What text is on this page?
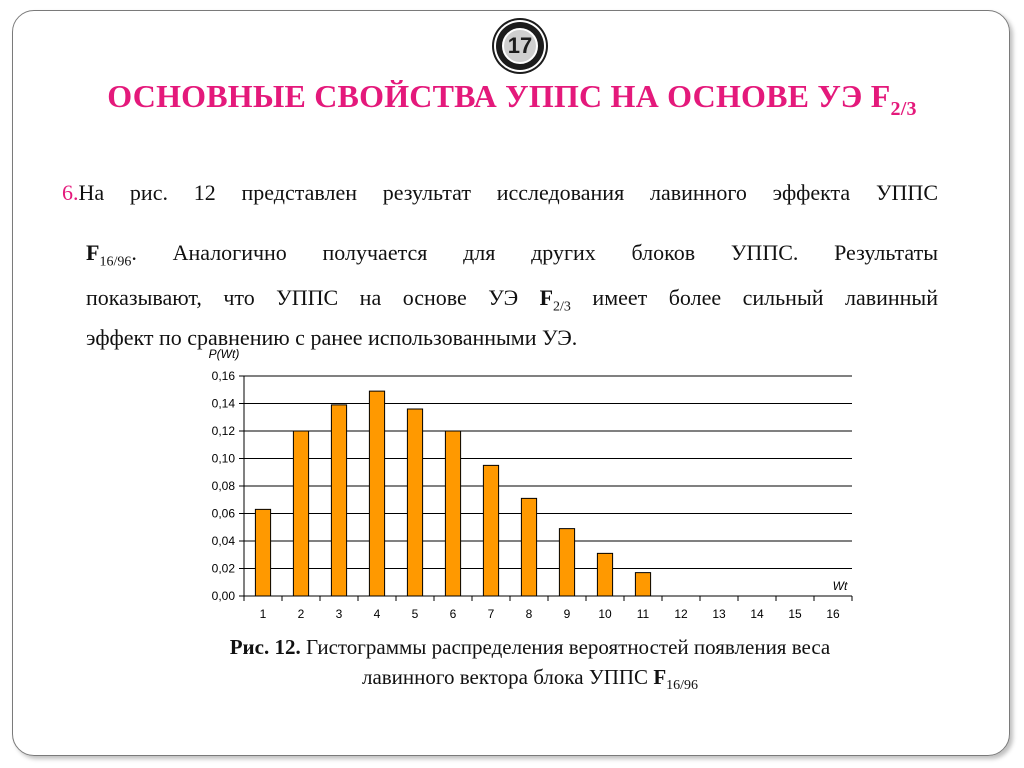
17
ОСНОВНЫЕ СВОЙСТВА УППС НА ОСНОВЕ УЭ $F_{2/3}$
6.На рис. 12 представлен результат исследования лавинного эффекта УППС
$F_{16/96}$. Аналогично получается для других блоков УППС. Результаты
показывают, что УППС на основе УЭ $F_{2/3}$ имеет более сильный лавинный
эффект по сравнению с ранее использованными УЭ.
0,00
0,02
0,04
0,06
0,08
0,10
0,12
0,14
0,16
1	2	3	4	5	6	7	8	9 10 11 12 13 14 15 16
P(Wt)
Wt
Рис. 12. Гистограммы распределения вероятностей появления веса
лавинного вектора блока УППС $F_{16/96}$
